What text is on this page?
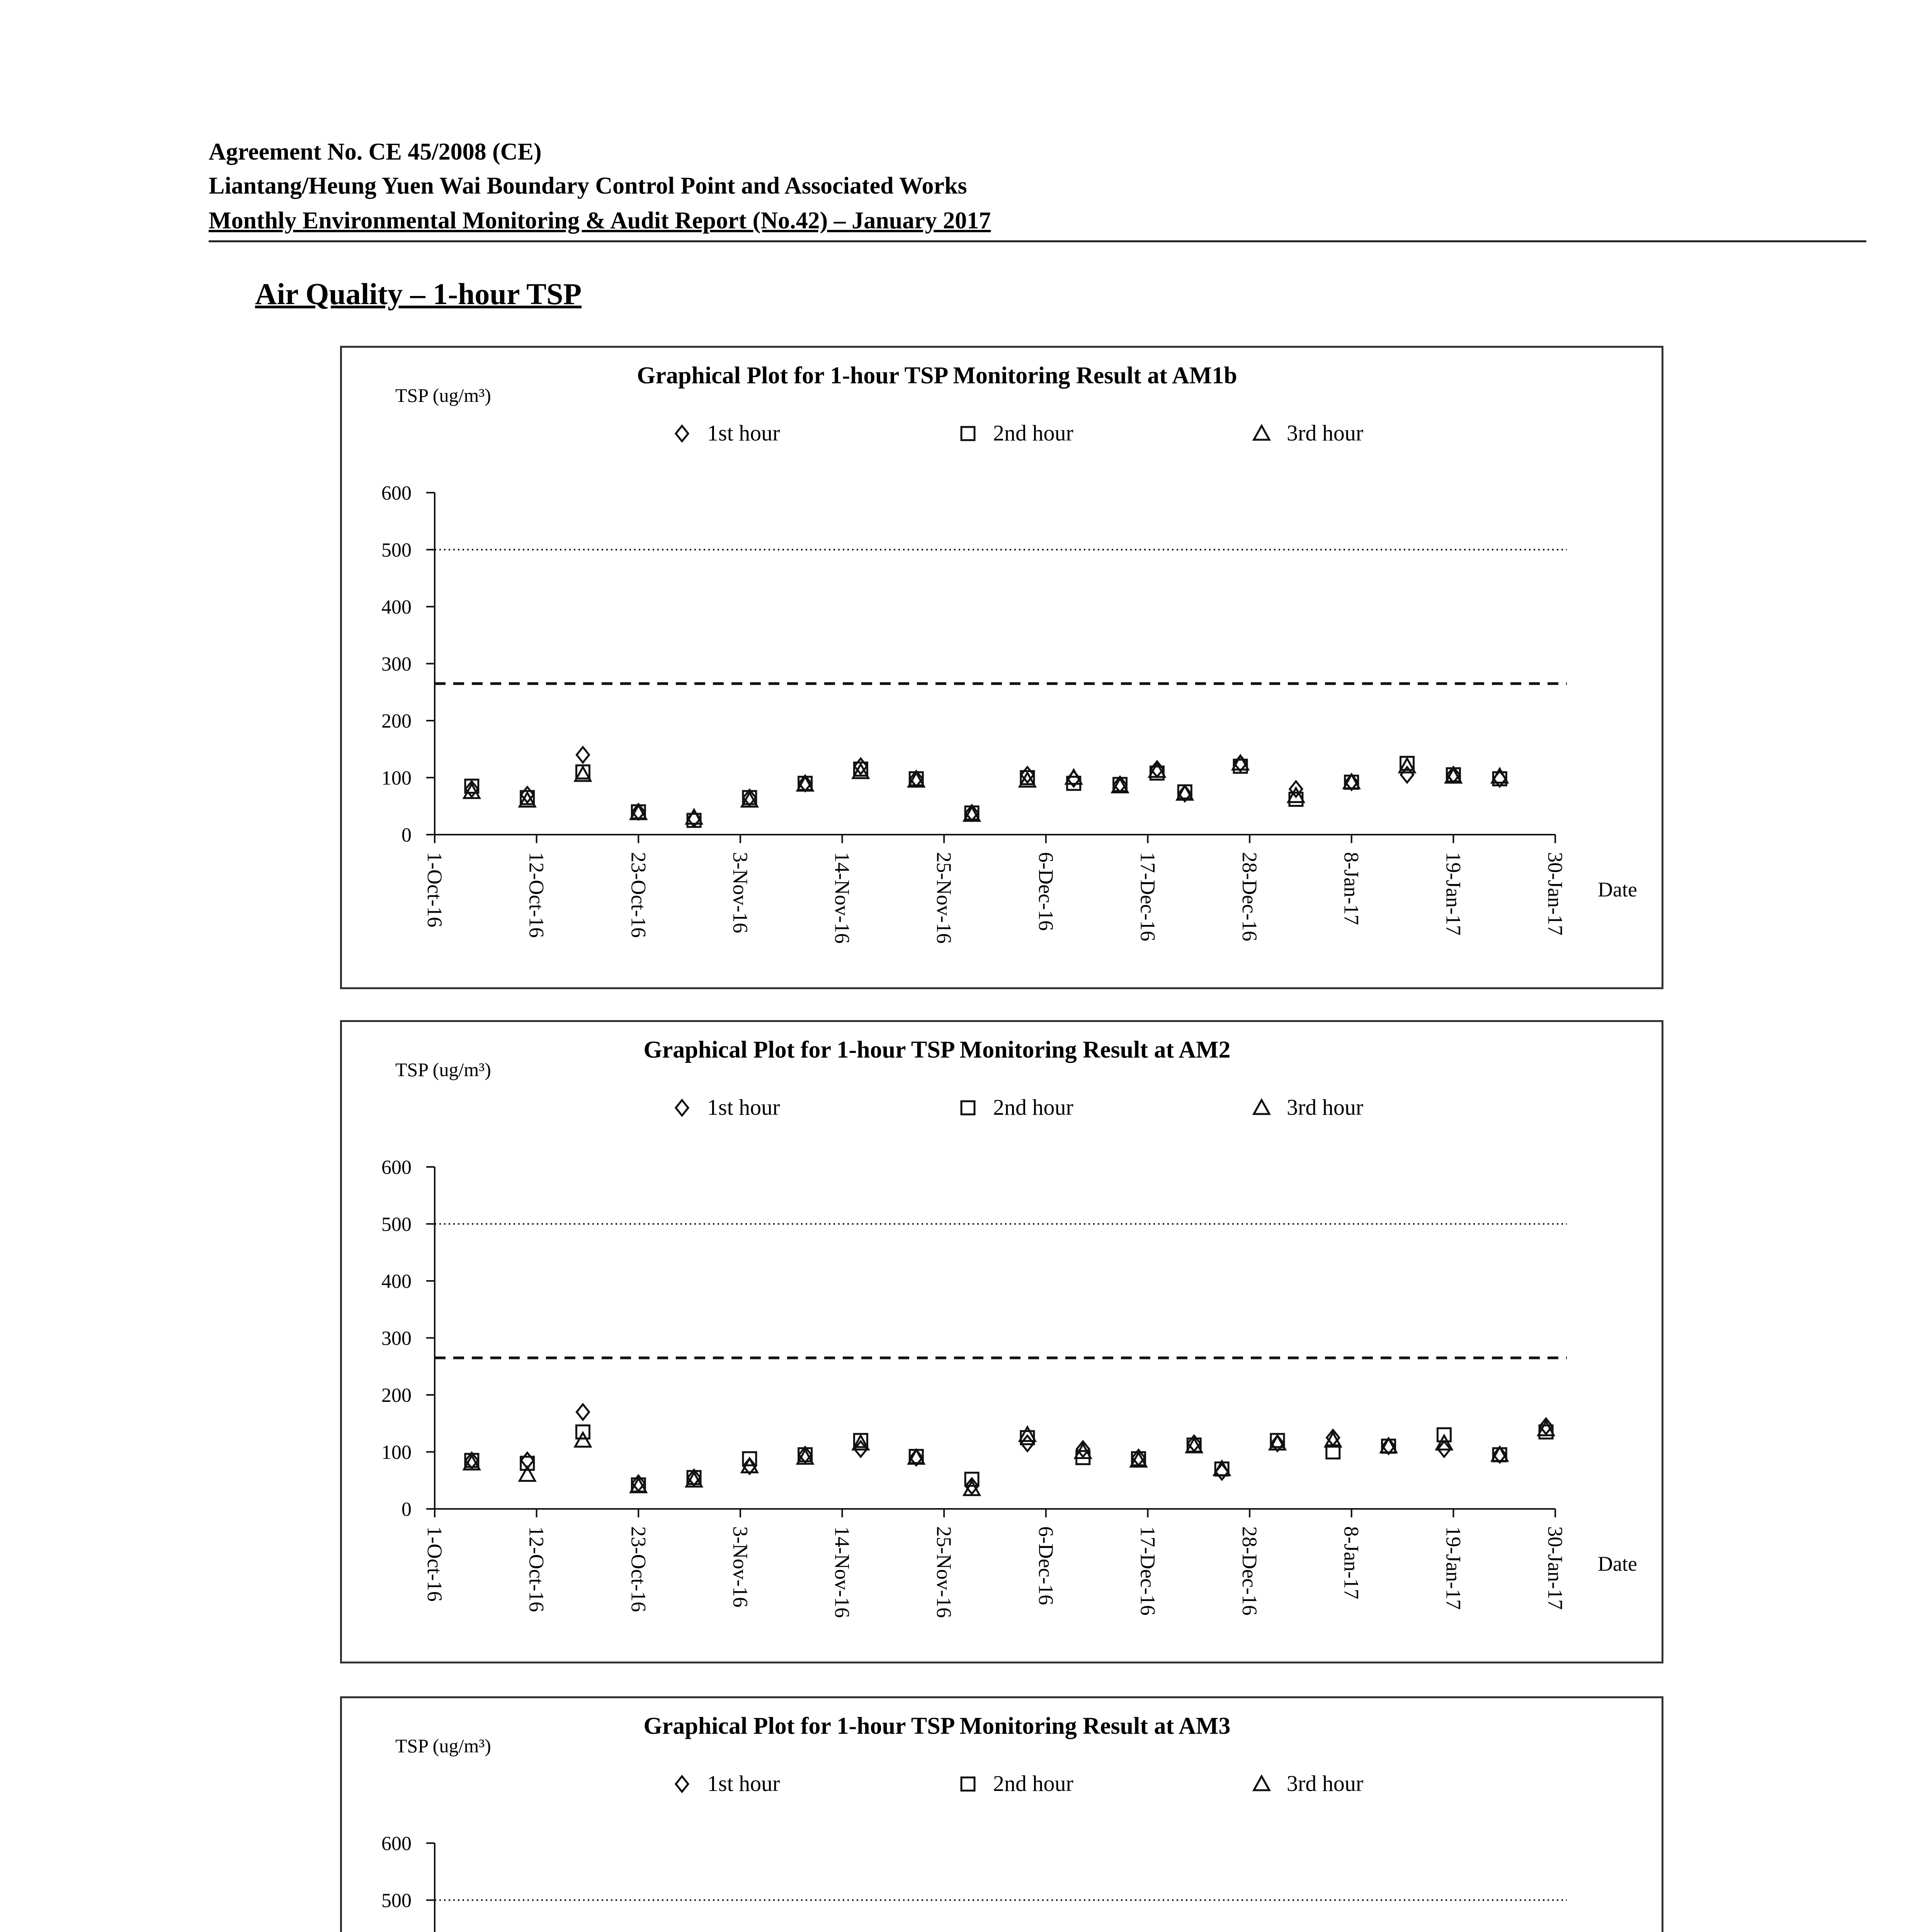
Agreement No. CE 45/2008 (CE)
Liantang/Heung Yuen Wai Boundary Control Point and Associated Works
Monthly Environmental Monitoring & Audit Report (No.42) – January 2017
Air Quality – 1-hour TSP
Graphical Plot for 1-hour TSP Monitoring Result at AM1b
TSP (ug/m³)
1st hour	2nd hour	3rd hour
0
100
200
300
400
500
600
1-Oct-16	12-Oct-16	23-Oct-16	3-Nov-16	14-Nov-16	25-Nov-16	6-Dec-16	17-Dec-16	28-Dec-16	8-Jan-17	19-Jan-17	30-Jan-17 Date
Graphical Plot for 1-hour TSP Monitoring Result at AM2
TSP (ug/m³)
1st hour	2nd hour	3rd hour
0
100
200
300
400
500
600
1-Oct-16	12-Oct-16	23-Oct-16	3-Nov-16	14-Nov-16	25-Nov-16	6-Dec-16	17-Dec-16	28-Dec-16	8-Jan-17	19-Jan-17	30-Jan-17 Date
Graphical Plot for 1-hour TSP Monitoring Result at AM3
TSP (ug/m³)
1st hour	2nd hour	3rd hour
500
600
